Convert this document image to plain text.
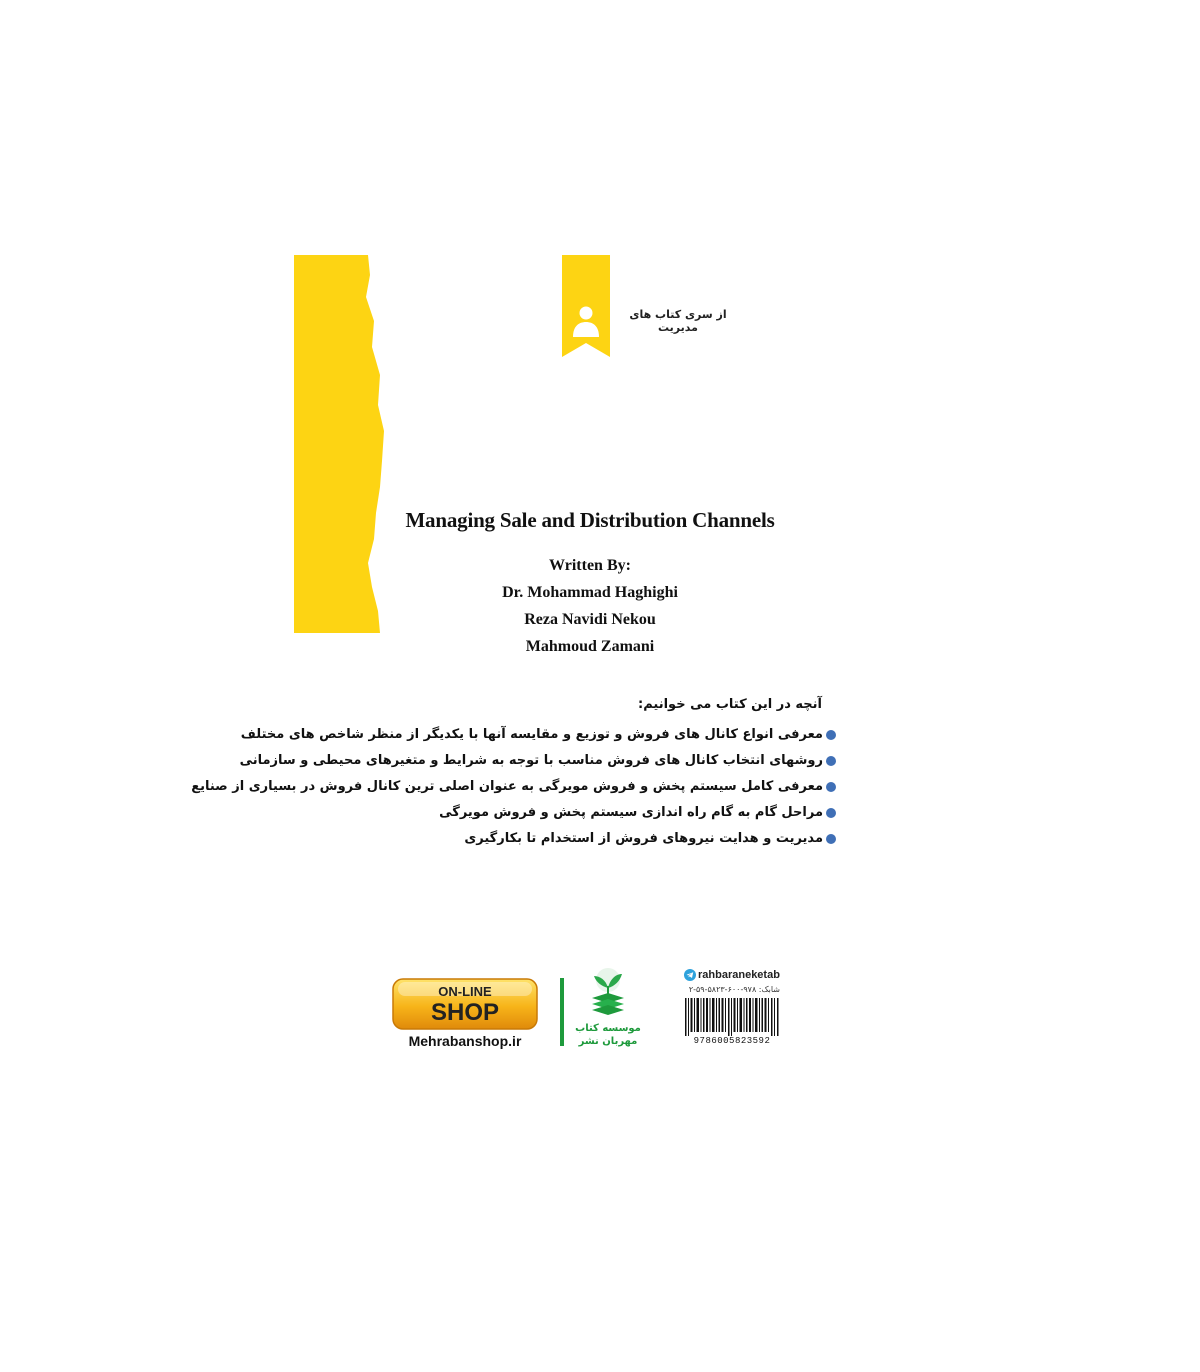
از سری کتاب های مدیریت
Managing Sale and Distribution Channels
Written By:
Dr. Mohammad Haghighi
Reza Navidi Nekou
Mahmoud Zamani
آنچه در این کتاب می خوانیم:
معرفی انواع کانال های فروش و توزیع و مقایسه آنها با یکدیگر از منظر شاخص های مختلف
روشهای انتخاب کانال های فروش مناسب با توجه به شرایط و متغیرهای محیطی و سازمانی
معرفی کامل سیستم پخش و فروش مویرگی به عنوان اصلی ترین کانال فروش در بسیاری از صنایع
مراحل گام به گام راه اندازی سیستم پخش و فروش مویرگی
مدیریت و هدایت نیروهای فروش از استخدام تا بکارگیری
ON-LINE
SHOP
Mehrabanshop.ir
موسسه کتاب
مهربان نشر
rahbaraneketab
شابک: ۹۷۸-۶۰۰-۵۸۲۳-۵۹-۲
9786005823592
